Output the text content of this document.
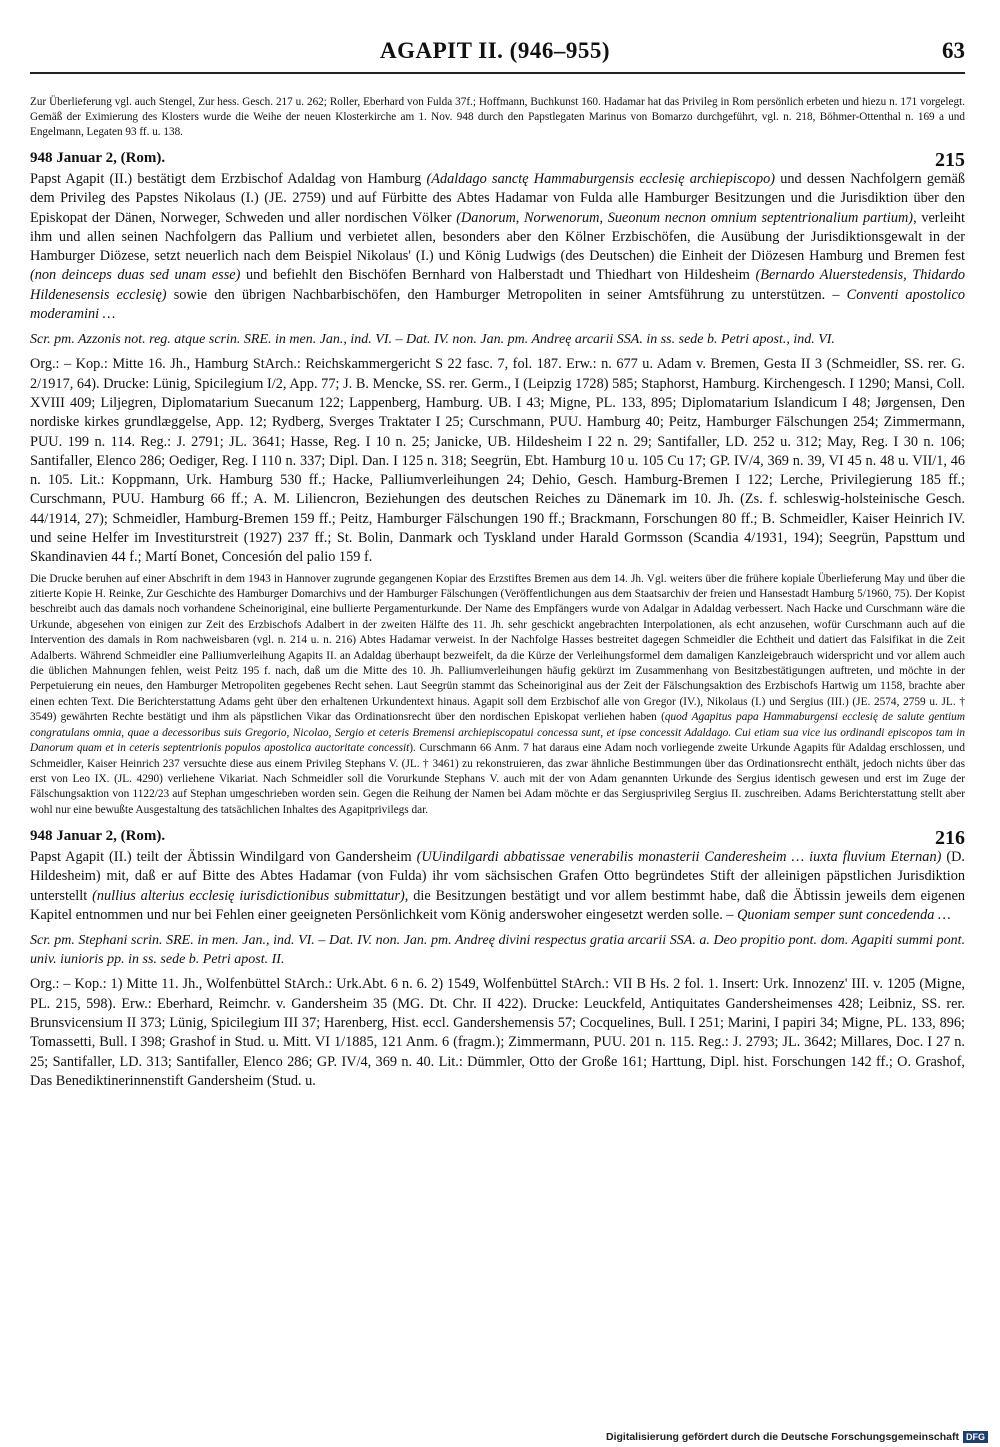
AGAPIT II. (946–955)	63

Zur Überlieferung vgl. auch Stengel, Zur hess. Gesch. 217 u. 262; Roller, Eberhard von Fulda 37f.; Hoffmann, Buchkunst 160. Hadamar hat das Privileg in Rom persönlich erbeten und hiezu n. 171 vorgelegt. Gemäß der Eximierung des Klosters wurde die Weihe der neuen Klosterkirche am 1. Nov. 948 durch den Papstlegaten Marinus von Bomarzo durchgeführt, vgl. n. 218, Böhmer-Ottenthal n. 169 a und Engelmann, Legaten 93 ff. u. 138.

948 Januar 2, (Rom).	215

Papst Agapit (II.) bestätigt dem Erzbischof Adaldag von Hamburg (Adaldago sanctę Hammaburgensis ecclesię archiepiscopo) und dessen Nachfolgern gemäß dem Privileg des Papstes Nikolaus (I.) (JE. 2759) und auf Fürbitte des Abtes Hadamar von Fulda alle Hamburger Besitzungen und die Jurisdiktion über den Episkopat der Dänen, Norweger, Schweden und aller nordischen Völker (Danorum, Norwenorum, Sueonum necnon omnium septentrionalium partium), verleiht ihm und allen seinen Nachfolgern das Pallium und verbietet allen, besonders aber den Kölner Erzbischöfen, die Ausübung der Jurisdiktionsgewalt in der Hamburger Diözese, setzt neuerlich nach dem Beispiel Nikolaus' (I.) und König Ludwigs (des Deutschen) die Einheit der Diözesen Hamburg und Bremen fest (non deinceps duas sed unam esse) und befiehlt den Bischöfen Bernhard von Halberstadt und Thiedhart von Hildesheim (Bernardo Aluerstedensis, Thidardo Hildenesensis ecclesię) sowie den übrigen Nachbarbischöfen, den Hamburger Metropoliten in seiner Amtsführung zu unterstützen. – Conventi apostolico moderamini …

Scr. pm. Azzonis not. reg. atque scrin. SRE. in men. Jan., ind. VI. – Dat. IV. non. Jan. pm. Andreę arcarii SSA. in ss. sede b. Petri apost., ind. VI.

Org.: – Kop.: Mitte 16. Jh., Hamburg StArch.: Reichskammergericht S 22 fasc. 7, fol. 187. Erw.: n. 677 u. Adam v. Bremen, Gesta II 3 (Schmeidler, SS. rer. G. 2/1917, 64). Drucke: Lünig, Spicilegium I/2, App. 77; J. B. Mencke, SS. rer. Germ., I (Leipzig 1728) 585; Staphorst, Hamburg. Kirchengesch. I 1290; Mansi, Coll. XVIII 409; Liljegren, Diplomatarium Suecanum 122; Lappenberg, Hamburg. UB. I 43; Migne, PL. 133, 895; Diplomatarium Islandicum I 48; Jørgensen, Den nordiske kirkes grundlæggelse, App. 12; Rydberg, Sverges Traktater I 25; Curschmann, PUU. Hamburg 40; Peitz, Hamburger Fälschungen 254; Zimmermann, PUU. 199 n. 114. Reg.: J. 2791; JL. 3641; Hasse, Reg. I 10 n. 25; Janicke, UB. Hildesheim I 22 n. 29; Santifaller, LD. 252 u. 312; May, Reg. I 30 n. 106; Santifaller, Elenco 286; Oediger, Reg. I 110 n. 337; Dipl. Dan. I 125 n. 318; Seegrün, Ebt. Hamburg 10 u. 105 Cu 17; GP. IV/4, 369 n. 39, VI 45 n. 48 u. VII/1, 46 n. 105. Lit.: Koppmann, Urk. Hamburg 530 ff.; Hacke, Palliumverleihungen 24; Dehio, Gesch. Hamburg-Bremen I 122; Lerche, Privilegierung 185 ff.; Curschmann, PUU. Hamburg 66 ff.; A. M. Liliencron, Beziehungen des deutschen Reiches zu Dänemark im 10. Jh. (Zs. f. schleswig-holsteinische Gesch. 44/1914, 27); Schmeidler, Hamburg-Bremen 159 ff.; Peitz, Hamburger Fälschungen 190 ff.; Brackmann, Forschungen 80 ff.; B. Schmeidler, Kaiser Heinrich IV. und seine Helfer im Investiturstreit (1927) 237 ff.; St. Bolin, Danmark och Tyskland under Harald Gormsson (Scandia 4/1931, 194); Seegrün, Papsttum und Skandinavien 44 f.; Martí Bonet, Concesión del palio 159 f.

Die Drucke beruhen auf einer Abschrift in dem 1943 in Hannover zugrunde gegangenen Kopiar des Erzstiftes Bremen aus dem 14. Jh. Vgl. weiters über die frühere kopiale Überlieferung May und über die zitierte Kopie H. Reinke, Zur Geschichte des Hamburger Domarchivs und der Hamburger Fälschungen (Veröffentlichungen aus dem Staatsarchiv der freien und Hansestadt Hamburg 5/1960, 75). Der Kopist beschreibt auch das damals noch vorhandene Scheinoriginal, eine bullierte Pergamenturkunde. Der Name des Empfängers wurde von Adalgar in Adaldag verbessert. Nach Hacke und Curschmann wäre die Urkunde, abgesehen von einigen zur Zeit des Erzbischofs Adalbert in der zweiten Hälfte des 11. Jh. sehr geschickt angebrachten Interpolationen, als echt anzusehen, wofür Curschmann auch auf die Intervention des damals in Rom nachweisbaren (vgl. n. 214 u. n. 216) Abtes Hadamar verweist. In der Nachfolge Hasses bestreitet dagegen Schmeidler die Echtheit und datiert das Falsifikat in die Zeit Adalberts. Während Schmeidler eine Palliumverleihung Agapits II. an Adaldag überhaupt bezweifelt, da die Kürze der Verleihungsformel dem damaligen Kanzleigebrauch widerspricht und vor allem auch die üblichen Mahnungen fehlen, weist Peitz 195 f. nach, daß um die Mitte des 10. Jh. Palliumverleihungen häufig gekürzt im Zusammenhang von Besitzbestätigungen auftreten, und möchte in der Perpetuierung ein neues, den Hamburger Metropoliten gegebenes Recht sehen. Laut Seegrün stammt das Scheinoriginal aus der Zeit der Fälschungsaktion des Erzbischofs Hartwig um 1158, brachte aber einen echten Text. Die Berichterstattung Adams geht über den erhaltenen Urkundentext hinaus. Agapit soll dem Erzbischof alle von Gregor (IV.), Nikolaus (I.) und Sergius (III.) (JE. 2574, 2759 u. JL. † 3549) gewährten Rechte bestätigt und ihm als päpstlichen Vikar das Ordinationsrecht über den nordischen Episkopat verliehen haben (quod Agapitus papa Hammaburgensi ecclesię de salute gentium congratulans omnia, quae a decessoribus suis Gregorio, Nicolao, Sergio et ceteris Bremensi archiepiscopatui concessa sunt, et ipse concessit Adaldago. Cui etiam sua vice ius ordinandi episcopos tam in Danorum quam et in ceteris septentrionis populos apostolica auctoritate concessit). Curschmann 66 Anm. 7 hat daraus eine Adam noch vorliegende zweite Urkunde Agapits für Adaldag erschlossen, und Schmeidler, Kaiser Heinrich 237 versuchte diese aus einem Privileg Stephans V. (JL. † 3461) zu rekonstruieren, das zwar ähnliche Bestimmungen über das Ordinationsrecht enthält, jedoch nichts über das erst von Leo IX. (JL. 4290) verliehene Vikariat. Nach Schmeidler soll die Vorurkunde Stephans V. auch mit der von Adam genannten Urkunde des Sergius identisch gewesen und erst im Zuge der Fälschungsaktion von 1122/23 auf Stephan umgeschrieben worden sein. Gegen die Reihung der Namen bei Adam möchte er das Sergiusprivileg Sergius II. zuschreiben. Adams Berichterstattung stellt aber wohl nur eine bewußte Ausgestaltung des tatsächlichen Inhaltes des Agapitprivilegs dar.

948 Januar 2, (Rom).	216

Papst Agapit (II.) teilt der Äbtissin Windilgard von Gandersheim (UUindilgardi abbatissae venerabilis monasterii Canderesheim … iuxta fluvium Eternan) (D. Hildesheim) mit, daß er auf Bitte des Abtes Hadamar (von Fulda) ihr vom sächsischen Grafen Otto begründetes Stift der alleinigen päpstlichen Jurisdiktion unterstellt (nullius alterius ecclesię iurisdictionibus submittatur), die Besitzungen bestätigt und vor allem bestimmt habe, daß die Äbtissin jeweils dem eigenen Kapitel entnommen und nur bei Fehlen einer geeigneten Persönlichkeit vom König anderswoher eingesetzt werden solle. – Quoniam semper sunt concedenda …

Scr. pm. Stephani scrin. SRE. in men. Jan., ind. VI. – Dat. IV. non. Jan. pm. Andreę divini respectus gratia arcarii SSA. a. Deo propitio pont. dom. Agapiti summi pont. univ. iunioris pp. in ss. sede b. Petri apost. II.

Org.: – Kop.: 1) Mitte 11. Jh., Wolfenbüttel StArch.: Urk.Abt. 6 n. 6. 2) 1549, Wolfenbüttel StArch.: VII B Hs. 2 fol. 1. Insert: Urk. Innozenz' III. v. 1205 (Migne, PL. 215, 598). Erw.: Eberhard, Reimchr. v. Gandersheim 35 (MG. Dt. Chr. II 422). Drucke: Leuckfeld, Antiquitates Gandersheimenses 428; Leibniz, SS. rer. Brunsvicensium II 373; Lünig, Spicilegium III 37; Harenberg, Hist. eccl. Gandershemensis 57; Cocquelines, Bull. I 251; Marini, I papiri 34; Migne, PL. 133, 896; Tomassetti, Bull. I 398; Grashof in Stud. u. Mitt. VI 1/1885, 121 Anm. 6 (fragm.); Zimmermann, PUU. 201 n. 115. Reg.: J. 2793; JL. 3642; Millares, Doc. I 27 n. 25; Santifaller, LD. 313; Santifaller, Elenco 286; GP. IV/4, 369 n. 40. Lit.: Dümmler, Otto der Große 161; Harttung, Dipl. hist. Forschungen 142 ff.; O. Grashof, Das Benediktinerinnenstift Gandersheim (Stud. u.

Digitalisierung gefördert durch die Deutsche Forschungsgemeinschaft DFG
